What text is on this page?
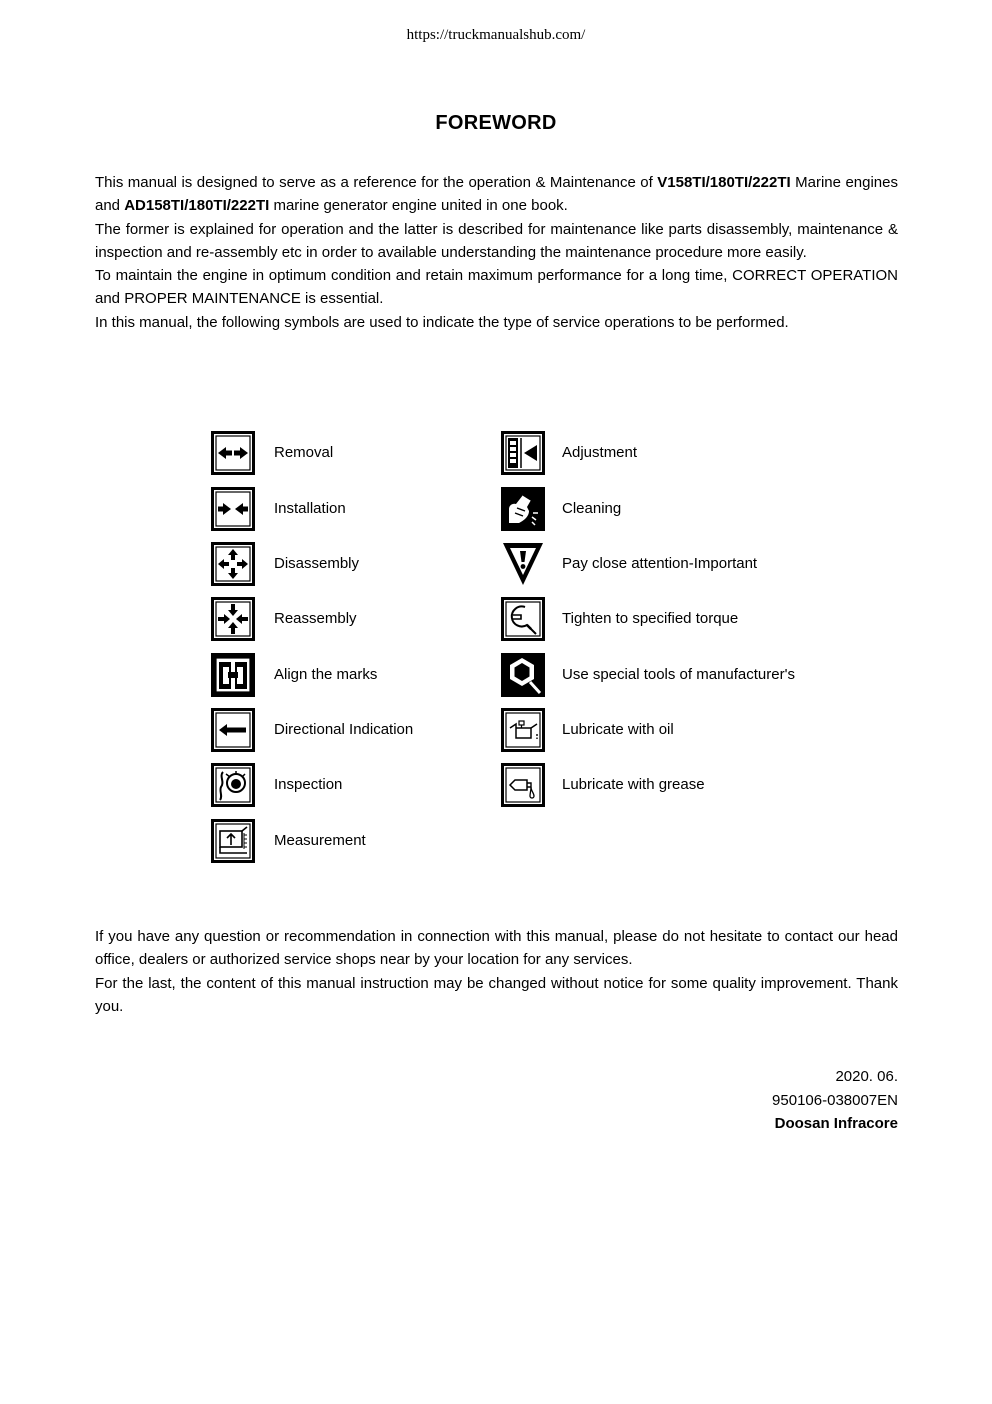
https://truckmanualshub.com/
FOREWORD

This manual is designed to serve as a reference for the operation & Maintenance of V158TI/180TI/222TI Marine engines and AD158TI/180TI/222TI marine generator engine united in one book.

The former is explained for operation and the latter is described for maintenance like parts disassembly, maintenance & inspection and re-assembly etc in order to available understanding the maintenance procedure more easily.

To maintain the engine in optimum condition and retain maximum performance for a long time, CORRECT OPERATION and PROPER MAINTENANCE is essential.

In this manual, the following symbols are used to indicate the type of service operations to be performed.

Removal
Installation
Disassembly
Reassembly
Align the marks
Directional Indication
Inspection
Measurement
Adjustment
Cleaning
Pay close attention-Important
Tighten to specified torque
Use special tools of manufacturer's
Lubricate with oil
Lubricate with grease

If you have any question or recommendation in connection with this manual, please do not hesitate to contact our head office, dealers or authorized service shops near by your location for any services.

For the last, the content of this manual instruction may be changed without notice for some quality improvement. Thank you.

2020. 06.
950106-038007EN
Doosan Infracore
